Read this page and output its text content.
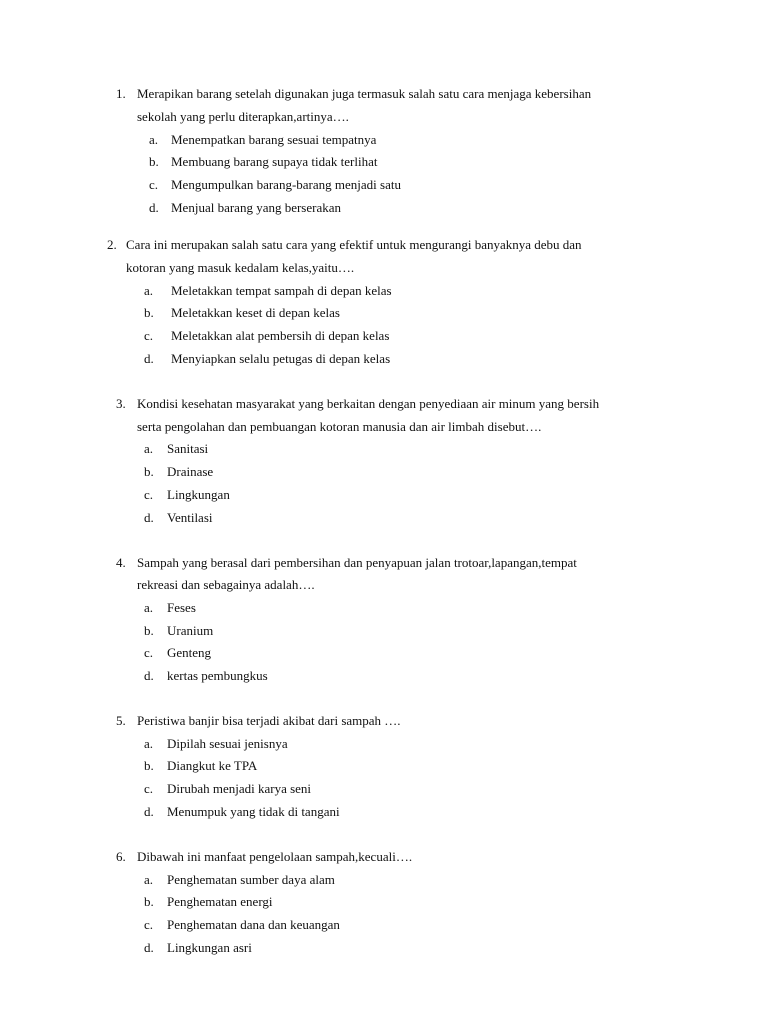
1. Merapikan barang setelah digunakan juga termasuk salah satu cara menjaga kebersihan
sekolah yang perlu diterapkan,artinya….
a. Menempatkan barang sesuai tempatnya
b. Membuang barang supaya tidak terlihat
c. Mengumpulkan barang-barang menjadi satu
d. Menjual barang yang berserakan
2. Cara ini merupakan salah satu cara yang efektif untuk mengurangi banyaknya debu dan
kotoran yang masuk kedalam kelas,yaitu….
a. Meletakkan tempat sampah di depan kelas
b. Meletakkan keset di depan kelas
c. Meletakkan alat pembersih di depan kelas
d. Menyiapkan selalu petugas di depan kelas
3. Kondisi kesehatan masyarakat yang berkaitan dengan penyediaan air minum yang bersih
serta pengolahan dan pembuangan kotoran manusia dan air limbah disebut….
a. Sanitasi
b. Drainase
c. Lingkungan
d. Ventilasi
4. Sampah yang berasal dari pembersihan dan penyapuan jalan trotoar,lapangan,tempat
rekreasi dan sebagainya adalah….
a. Feses
b. Uranium
c. Genteng
d. kertas pembungkus
5. Peristiwa banjir bisa terjadi akibat dari sampah ….
a. Dipilah sesuai jenisnya
b. Diangkut ke TPA
c. Dirubah menjadi karya seni
d. Menumpuk yang tidak di tangani
6. Dibawah ini manfaat pengelolaan sampah,kecuali….
a. Penghematan sumber daya alam
b. Penghematan energi
c. Penghematan dana dan keuangan
d. Lingkungan asri
